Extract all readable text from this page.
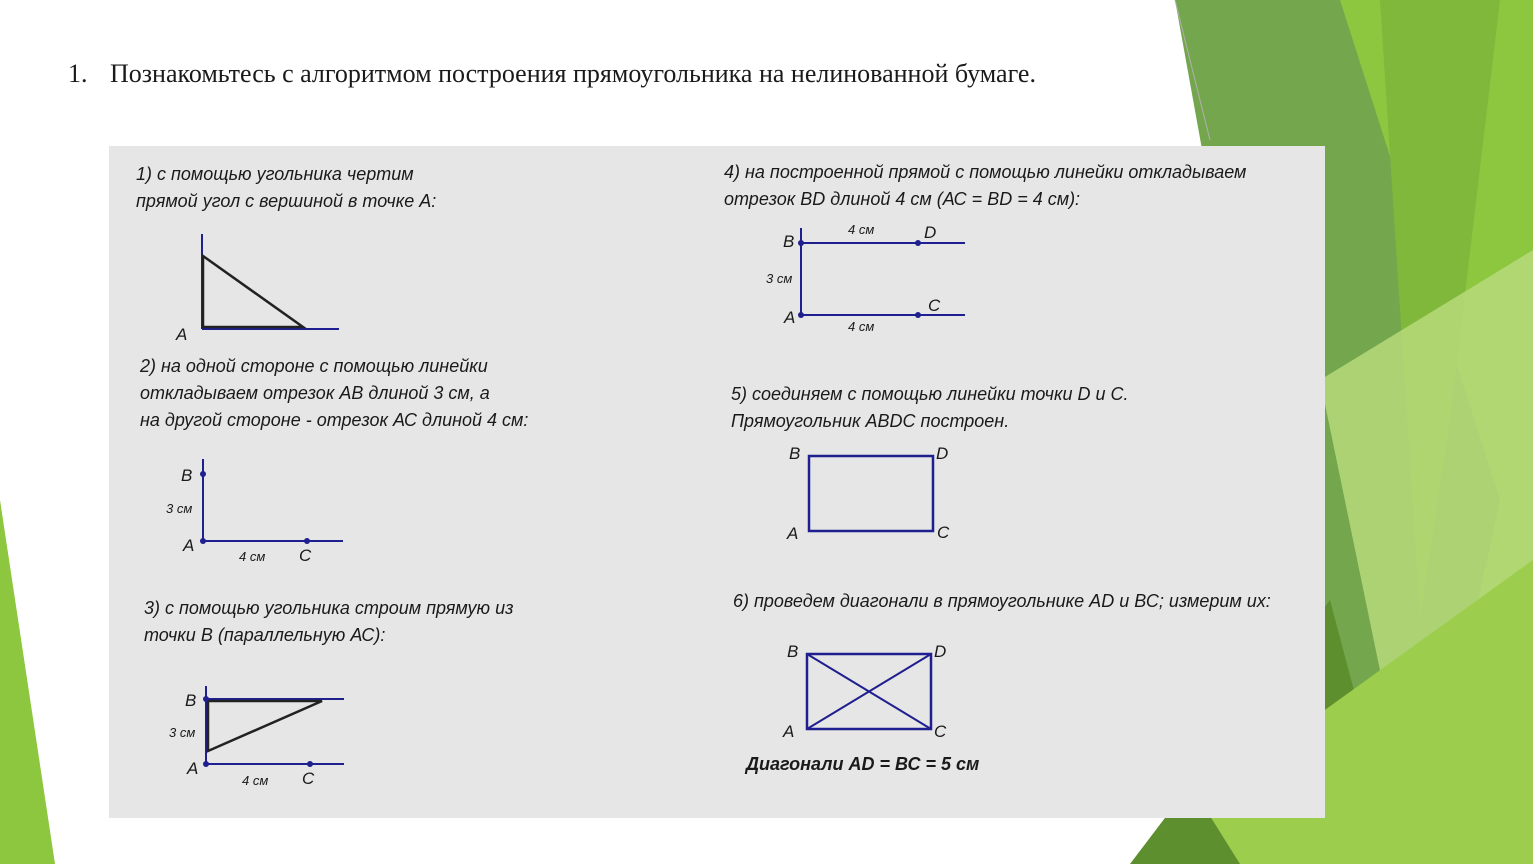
1. Познакомьтесь с алгоритмом построения прямоугольника на нелинованной бумаге.
1) с помощью угольника чертим
прямой угол с вершиной в точке А:
А
2) на одной стороне с помощью линейки
откладываем отрезок АВ длиной 3 см, а
на другой стороне - отрезок АС длиной 4 см:
В
3 см
А
4 см С
3) с помощью угольника строим прямую из
точки В (параллельную АС):
В
3 см
А
4 см С
4) на построенной прямой с помощью линейки откладываем
отрезок BD длиной 4 см (АС = BD = 4 см):
B
4 см	D
3 см
А	4 см
С
5) соединяем с помощью линейки точки D и С.
Прямоугольник ABDC построен.
B	D
А	С
6) проведем диагонали в прямоугольнике AD и ВС; измерим их:
B	D
А	С
Диагонали AD = ВС = 5 см
